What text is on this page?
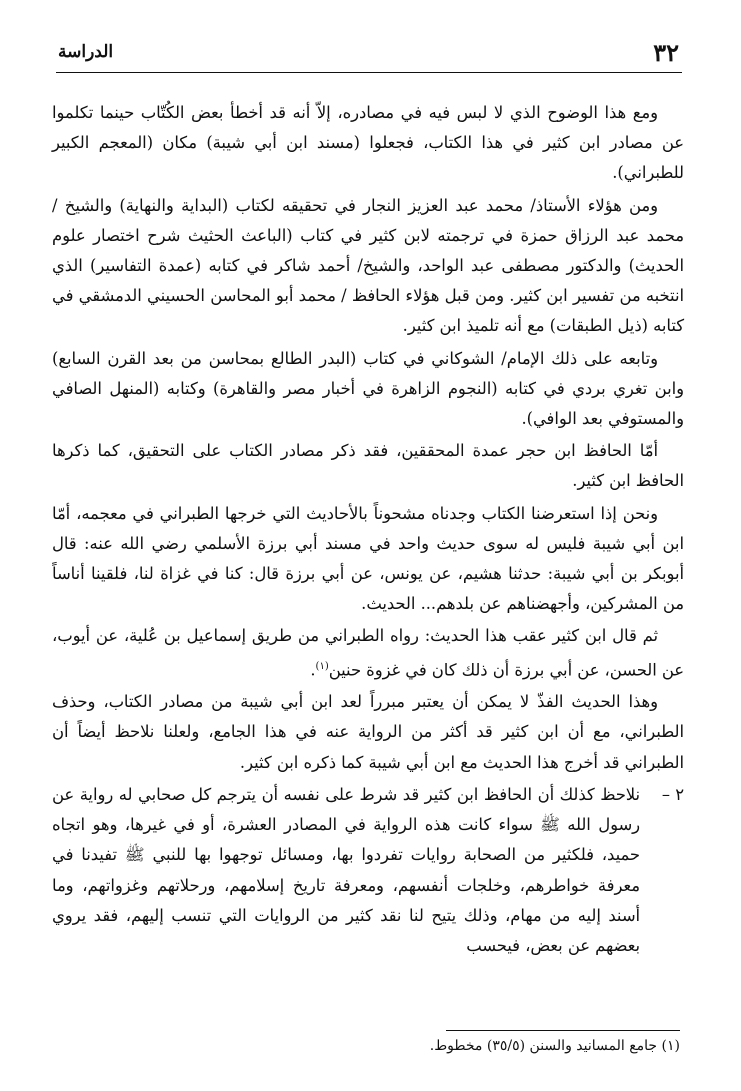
الدراسة	٣٢

ومع هذا الوضوح الذي لا لبس فيه في مصادره، إلاّ أنه قد أخطأ بعض الكُتّاب حينما تكلموا عن مصادر ابن كثير في هذا الكتاب، فجعلوا (مسند ابن أبي شيبة) مكان (المعجم الكبير للطبراني).

ومن هؤلاء الأستاذ/ محمد عبد العزيز النجار في تحقيقه لكتاب (البداية والنهاية) والشيخ / محمد عبد الرزاق حمزة في ترجمته لابن كثير في كتاب (الباعث الحثيث شرح اختصار علوم الحديث) والدكتور مصطفى عبد الواحد، والشيخ/ أحمد شاكر في كتابه (عمدة التفاسير) الذي انتخبه من تفسير ابن كثير. ومن قبل هؤلاء الحافظ / محمد أبو المحاسن الحسيني الدمشقي في كتابه (ذيل الطبقات) مع أنه تلميذ ابن كثير.

وتابعه على ذلك الإمام/ الشوكاني في كتاب (البدر الطالع بمحاسن من بعد القرن السابع) وابن تغري بردي في كتابه (النجوم الزاهرة في أخبار مصر والقاهرة) وكتابه (المنهل الصافي والمستوفي بعد الوافي).

أمّا الحافظ ابن حجر عمدة المحققين، فقد ذكر مصادر الكتاب على التحقيق، كما ذكرها الحافظ ابن كثير.

ونحن إذا استعرضنا الكتاب وجدناه مشحوناً بالأحاديث التي خرجها الطبراني في معجمه، أمّا ابن أبي شيبة فليس له سوى حديث واحد في مسند أبي برزة الأسلمي رضي الله عنه: قال أبوبكر بن أبي شيبة: حدثنا هشيم، عن يونس، عن أبي برزة قال: كنا في غزاة لنا، فلقينا أناساً من المشركين، وأجهضناهم عن بلدهم... الحديث.

ثم قال ابن كثير عقب هذا الحديث: رواه الطبراني من طريق إسماعيل بن عُلية، عن أيوب، عن الحسن، عن أبي برزة أن ذلك كان في غزوة حنين$^{(١)}$.

وهذا الحديث الفذّ لا يمكن أن يعتبر مبرراً لعد ابن أبي شيبة من مصادر الكتاب، وحذف الطبراني، مع أن ابن كثير قد أكثر من الرواية عنه في هذا الجامع، ولعلنا نلاحظ أيضاً أن الطبراني قد أخرج هذا الحديث مع ابن أبي شيبة كما ذكره ابن كثير.

٢ –
نلاحظ كذلك أن الحافظ ابن كثير قد شرط على نفسه أن يترجم كل صحابي له رواية عن رسول الله ﷺ سواء كانت هذه الرواية في المصادر العشرة، أو في غيرها، وهو اتجاه حميد، فلكثير من الصحابة روايات تفردوا بها، ومسائل توجهوا بها للنبي ﷺ تفيدنا في معرفة خواطرهم، وخلجات أنفسهم، ومعرفة تاريخ إسلامهم، ورحلاتهم وغزواتهم، وما أسند إليه من مهام، وذلك يتيح لنا نقد كثير من الروايات التي تنسب إليهم، فقد يروي بعضهم عن بعض، فيحسب

(١) جامع المسانيد والسنن (٣٥/٥) مخطوط.
